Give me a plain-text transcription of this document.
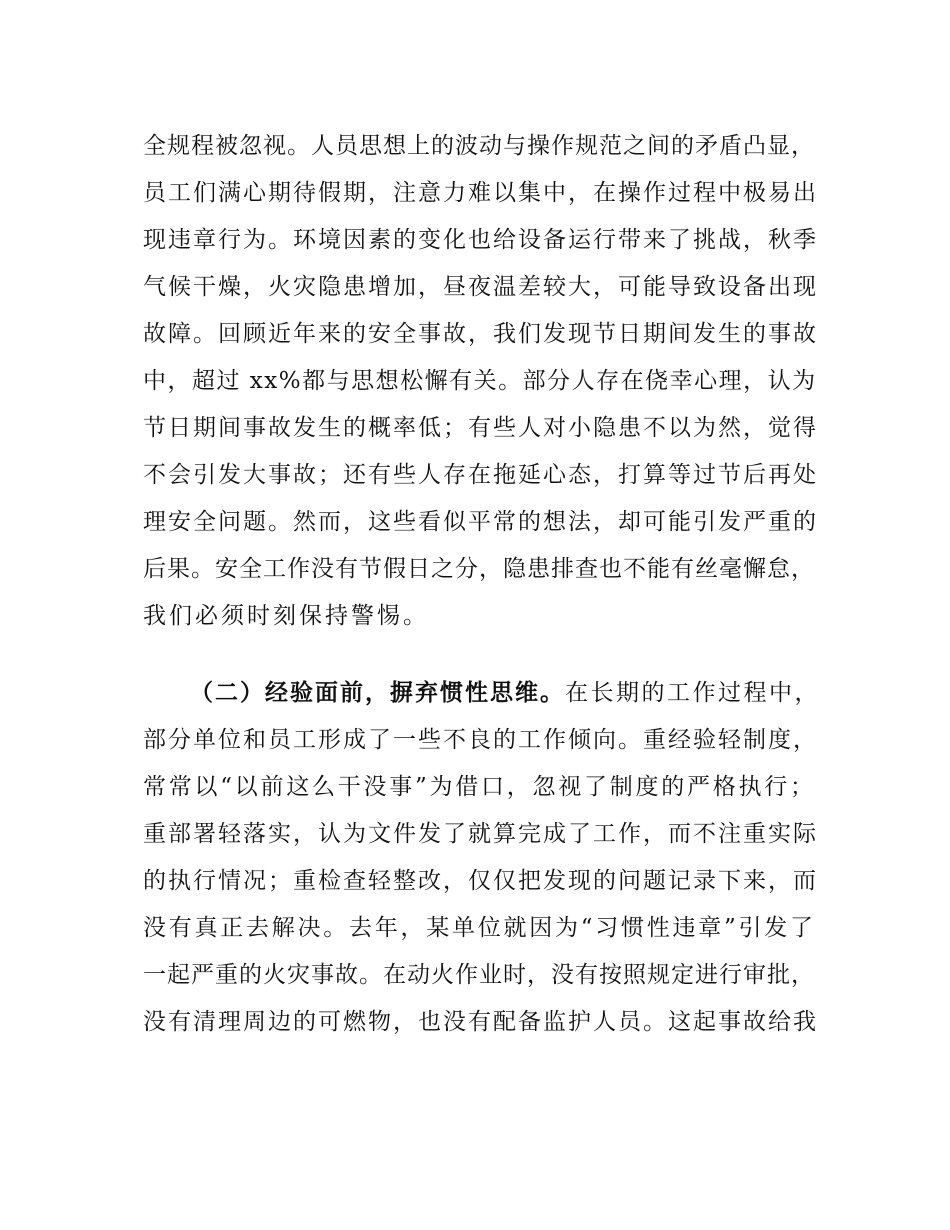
全规程被忽视。人员思想上的波动与操作规范之间的矛盾凸显，
员工们满心期待假期，注意力难以集中，在操作过程中极易出
现违章行为。环境因素的变化也给设备运行带来了挑战，秋季
气候干燥，火灾隐患增加，昼夜温差较大，可能导致设备出现
故障。回顾近年来的安全事故，我们发现节日期间发生的事故
中，超过 xx%都与思想松懈有关。部分人存在侥幸心理，认为
节日期间事故发生的概率低；有些人对小隐患不以为然，觉得
不会引发大事故；还有些人存在拖延心态，打算等过节后再处
理安全问题。然而，这些看似平常的想法，却可能引发严重的
后果。安全工作没有节假日之分，隐患排查也不能有丝毫懈怠，
我们必须时刻保持警惕。
（二）经验面前，摒弃惯性思维。在长期的工作过程中，
部分单位和员工形成了一些不良的工作倾向。重经验轻制度，
常常以“以前这么干没事”为借口，忽视了制度的严格执行；
重部署轻落实，认为文件发了就算完成了工作，而不注重实际
的执行情况；重检查轻整改，仅仅把发现的问题记录下来，而
没有真正去解决。去年，某单位就因为“习惯性违章”引发了
一起严重的火灾事故。在动火作业时，没有按照规定进行审批，
没有清理周边的可燃物，也没有配备监护人员。这起事故给我
